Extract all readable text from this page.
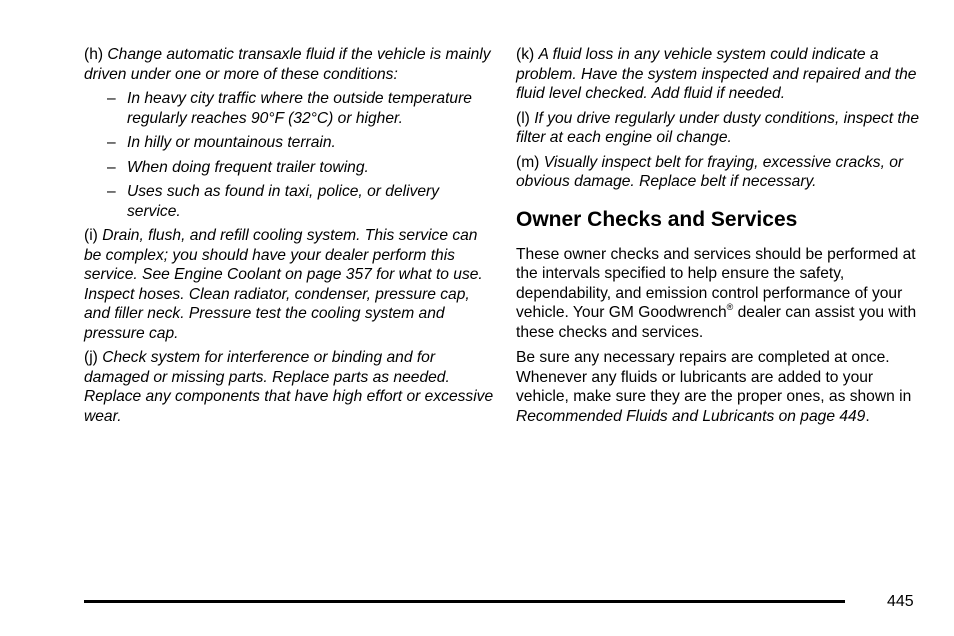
(h) Change automatic transaxle fluid if the vehicle is mainly driven under one or more of these conditions:

– In heavy city traffic where the outside temperature regularly reaches 90°F (32°C) or higher.
– In hilly or mountainous terrain.
– When doing frequent trailer towing.
– Uses such as found in taxi, police, or delivery service.

(i) Drain, flush, and refill cooling system. This service can be complex; you should have your dealer perform this service. See Engine Coolant on page 357 for what to use. Inspect hoses. Clean radiator, condenser, pressure cap, and filler neck. Pressure test the cooling system and pressure cap.

(j) Check system for interference or binding and for damaged or missing parts. Replace parts as needed. Replace any components that have high effort or excessive wear.

(k) A fluid loss in any vehicle system could indicate a problem. Have the system inspected and repaired and the fluid level checked. Add fluid if needed.

(l) If you drive regularly under dusty conditions, inspect the filter at each engine oil change.

(m) Visually inspect belt for fraying, excessive cracks, or obvious damage. Replace belt if necessary.

Owner Checks and Services

These owner checks and services should be performed at the intervals specified to help ensure the safety, dependability, and emission control performance of your vehicle. Your GM Goodwrench® dealer can assist you with these checks and services.

Be sure any necessary repairs are completed at once. Whenever any fluids or lubricants are added to your vehicle, make sure they are the proper ones, as shown in Recommended Fluids and Lubricants on page 449.

445
